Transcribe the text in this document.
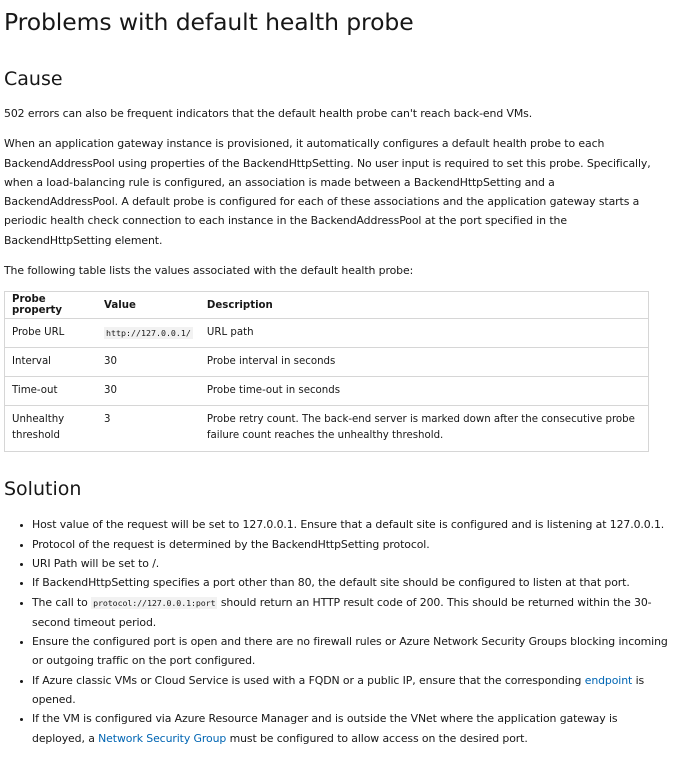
Problems with default health probe
Cause

502 errors can also be frequent indicators that the default health probe can't reach back-end VMs.

When an application gateway instance is provisioned, it automatically configures a default health probe to each BackendAddressPool using properties of the BackendHttpSetting. No user input is required to set this probe. Specifically, when a load-balancing rule is configured, an association is made between a BackendHttpSetting and a BackendAddressPool. A default probe is configured for each of these associations and the application gateway starts a periodic health check connection to each instance in the BackendAddressPool at the port specified in the BackendHttpSetting element.

The following table lists the values associated with the default health probe:

Probe property	Value	Description
Probe URL	http://127.0.0.1/	URL path
Interval	30	Probe interval in seconds
Time-out	30	Probe time-out in seconds
Unhealthy threshold	3	Probe retry count. The back-end server is marked down after the consecutive probe failure count reaches the unhealthy threshold.
Solution
• Host value of the request will be set to 127.0.0.1. Ensure that a default site is configured and is listening at 127.0.0.1.
• Protocol of the request is determined by the BackendHttpSetting protocol.
• URI Path will be set to /.
• If BackendHttpSetting specifies a port other than 80, the default site should be configured to listen at that port.
• The call to protocol://127.0.0.1:port should return an HTTP result code of 200. This should be returned within the 30-second timeout period.
• Ensure the configured port is open and there are no firewall rules or Azure Network Security Groups blocking incoming or outgoing traffic on the port configured.
• If Azure classic VMs or Cloud Service is used with a FQDN or a public IP, ensure that the corresponding endpoint is opened.
• If the VM is configured via Azure Resource Manager and is outside the VNet where the application gateway is deployed, a Network Security Group must be configured to allow access on the desired port.
